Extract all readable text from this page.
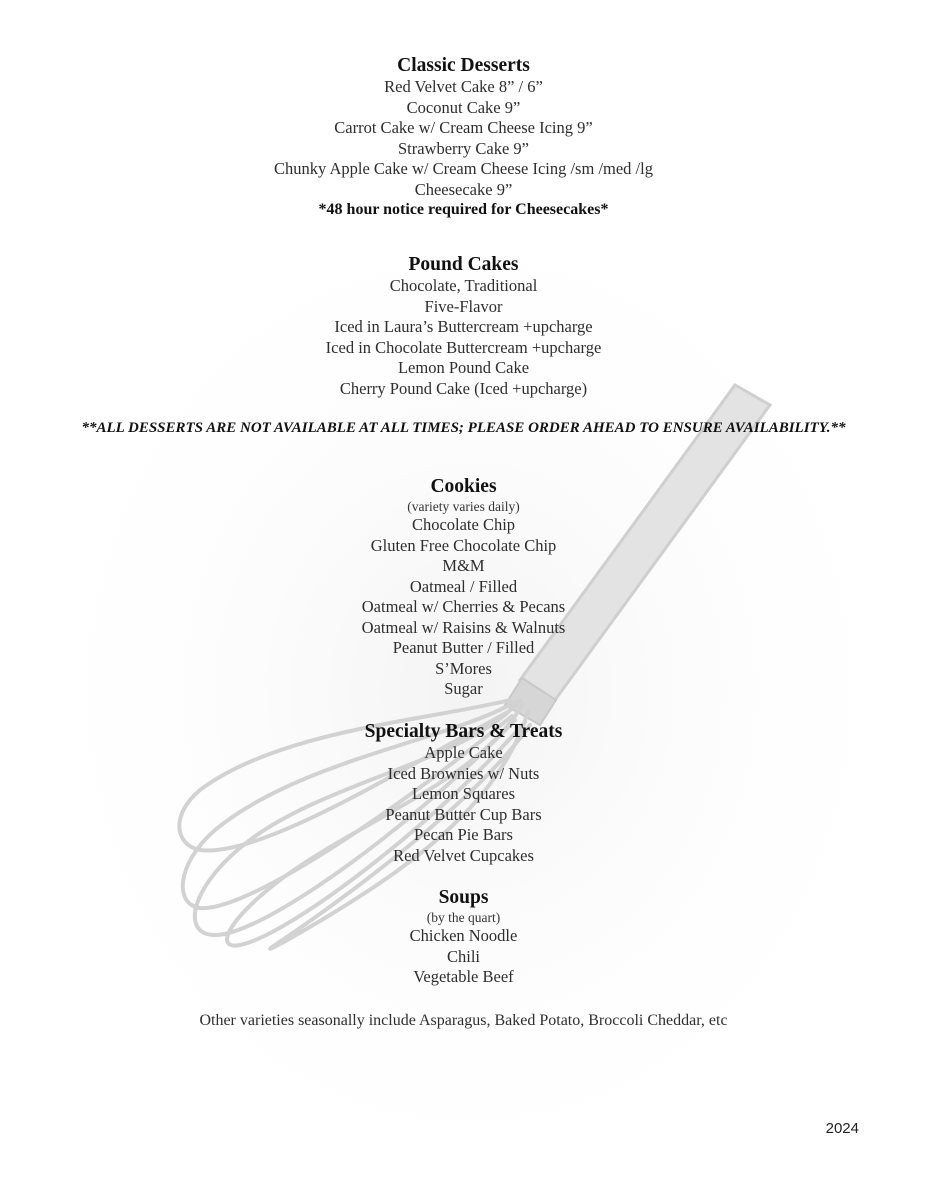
Classic Desserts

Red Velvet Cake 8” / 6”

Coconut Cake 9”

Carrot Cake w/ Cream Cheese Icing 9”

Strawberry Cake 9”

Chunky Apple Cake w/ Cream Cheese Icing /sm /med /lg

Cheesecake 9”

*48 hour notice required for Cheesecakes*

Pound Cakes

Chocolate, Traditional

Five-Flavor

Iced in Laura’s Buttercream +upcharge

Iced in Chocolate Buttercream +upcharge

Lemon Pound Cake

Cherry Pound Cake (Iced +upcharge)

**ALL DESSERTS ARE NOT AVAILABLE AT ALL TIMES; PLEASE ORDER AHEAD TO ENSURE AVAILABILITY.**

Cookies

(variety varies daily)

Chocolate Chip

Gluten Free Chocolate Chip

M&M

Oatmeal / Filled

Oatmeal w/ Cherries & Pecans

Oatmeal w/ Raisins & Walnuts

Peanut Butter / Filled

S’Mores

Sugar

Specialty Bars & Treats

Apple Cake

Iced Brownies w/ Nuts

Lemon Squares

Peanut Butter Cup Bars

Pecan Pie Bars

Red Velvet Cupcakes

Soups

(by the quart)

Chicken Noodle

Chili

Vegetable Beef

Other varieties seasonally include Asparagus, Baked Potato, Broccoli Cheddar, etc

2024
